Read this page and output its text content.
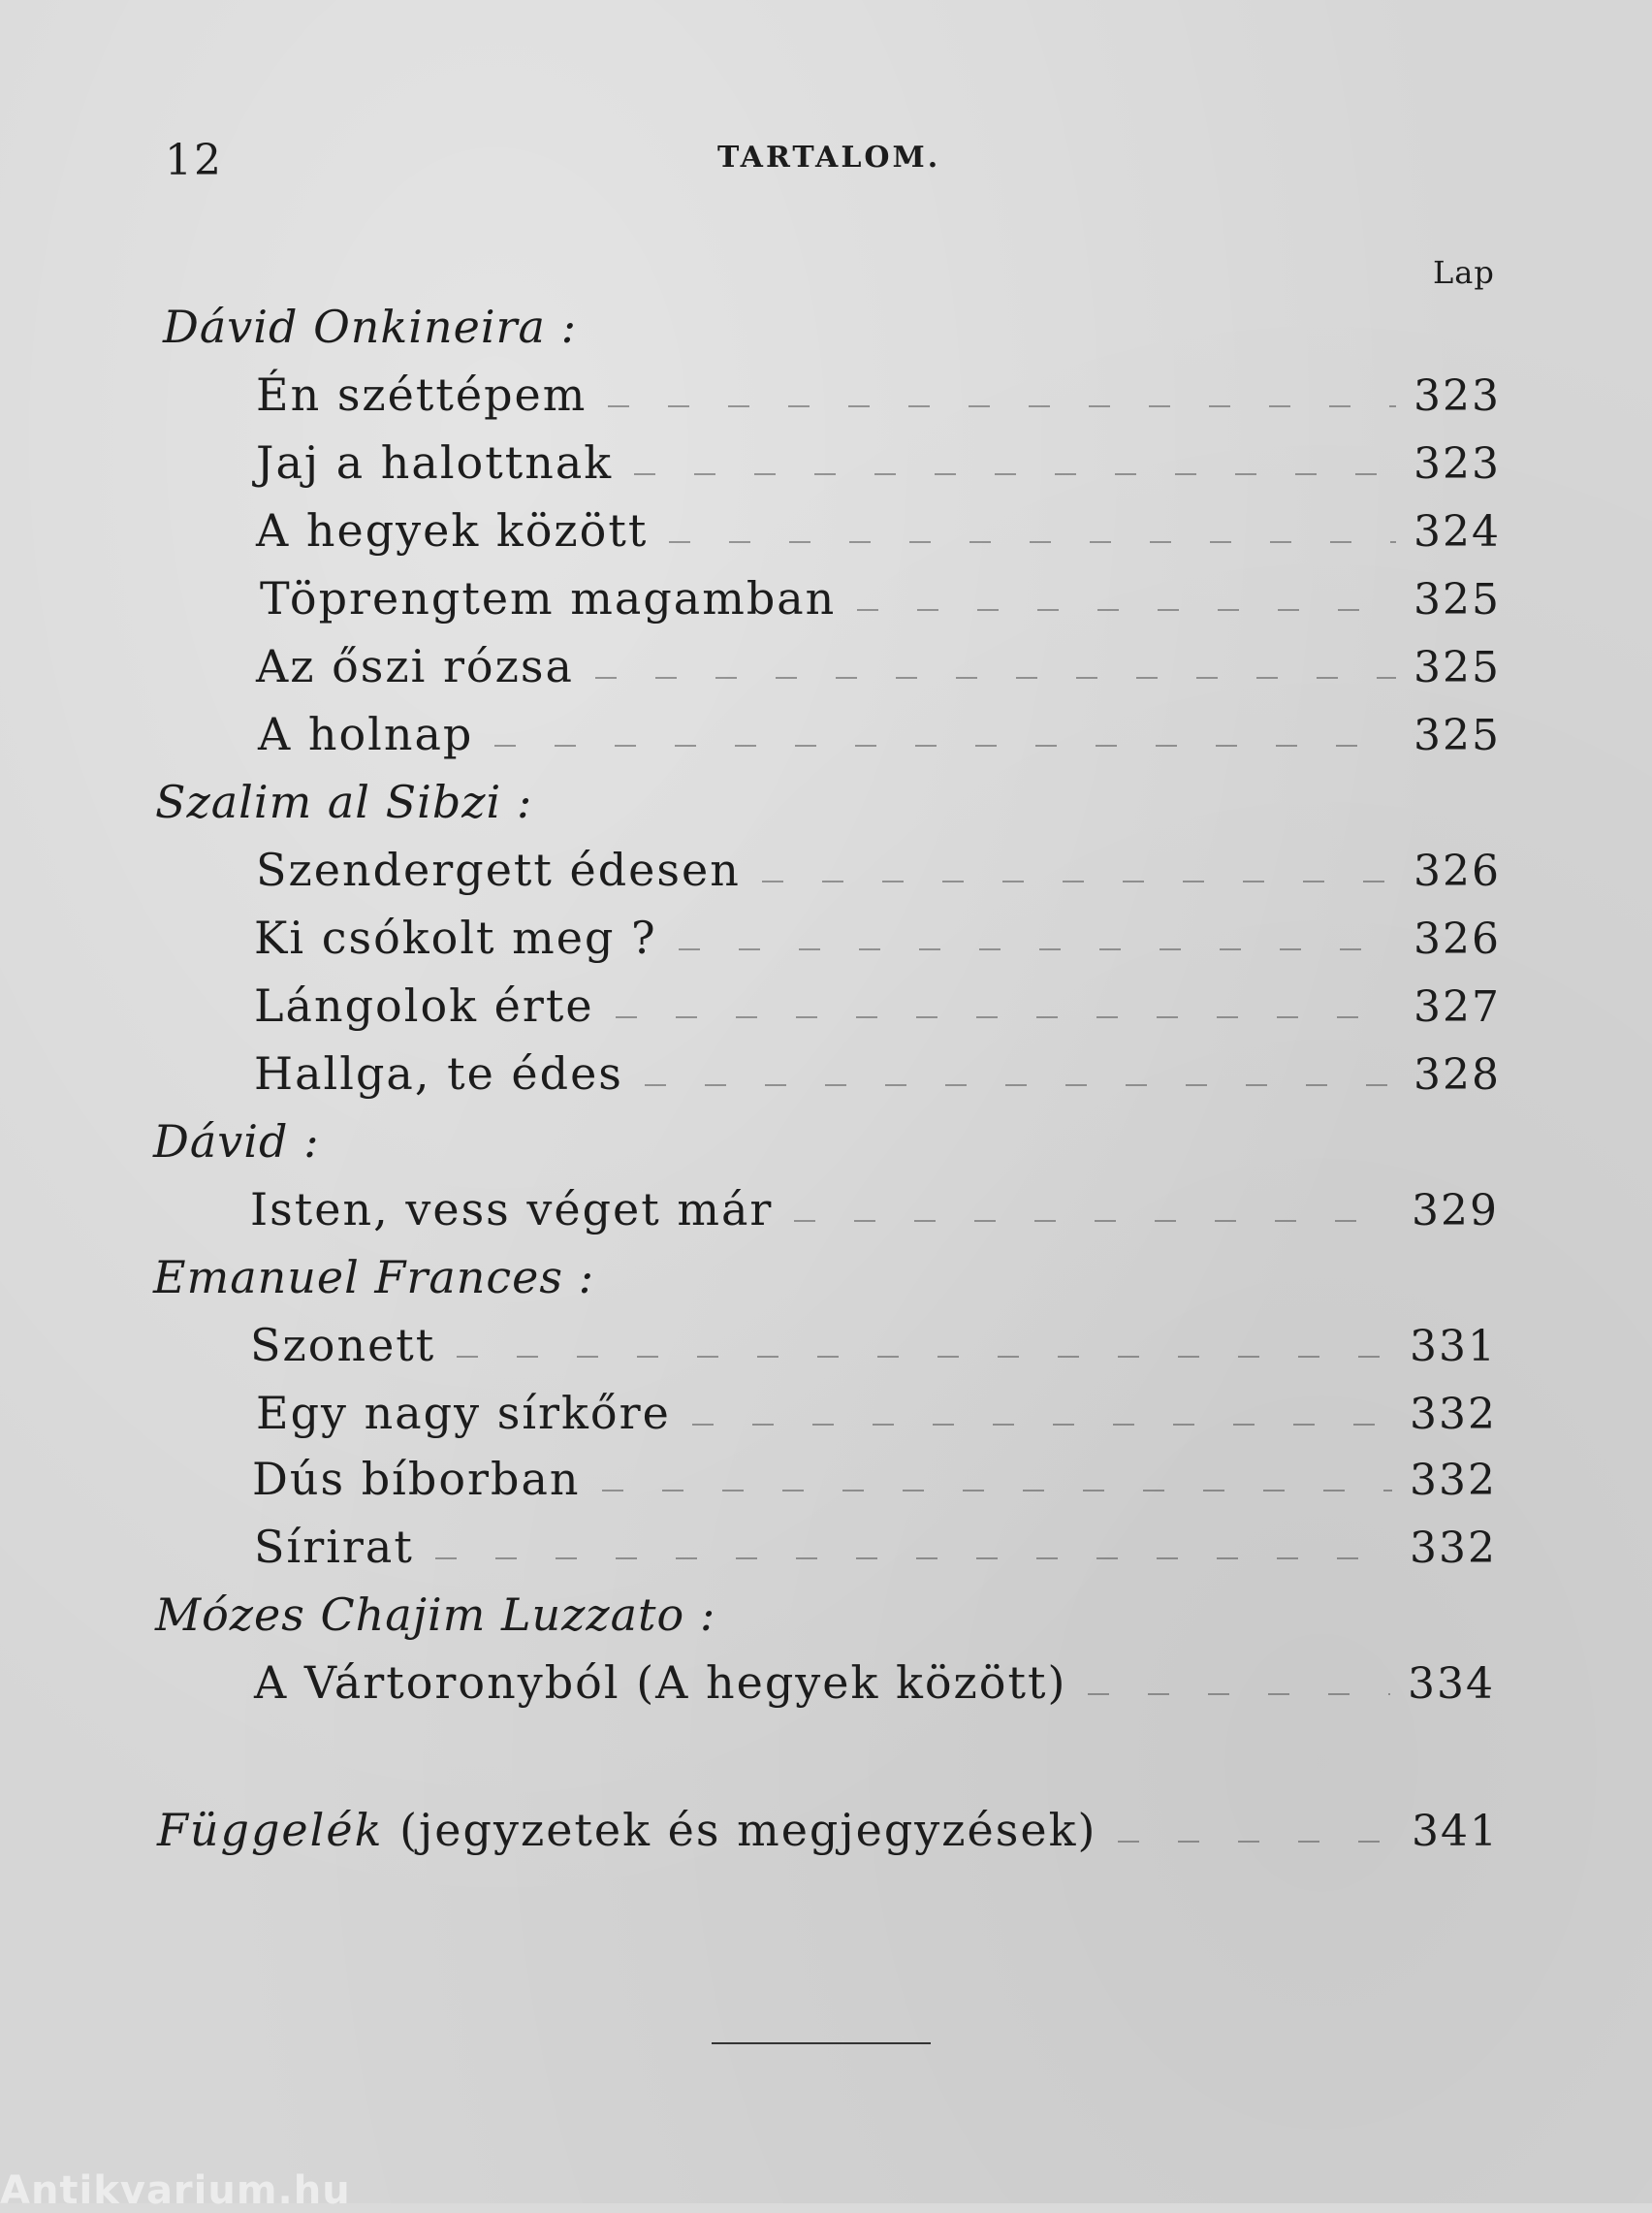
12	TARTALOM.
Lap
Dávid Onkineira :
Én széttépem	323
Jaj a halottnak	323
A hegyek között	324
Töprengtem magamban	325
Az őszi rózsa	325
A holnap	325
Szalim al Sibzi :
Szendergett édesen	326
Ki csókolt meg ?	326
Lángolok érte	327
Hallga, te édes	328
Dávid :
Isten, vess véget már	329
Emanuel Frances :
Szonett	331
Egy nagy sírkőre	332
Dús bíborban	332
Sírirat	332
Mózes Chajim Luzzato :
A Vártoronyból (A hegyek között)	334
Függelék (jegyzetek és megjegyzések)	341
Antikvarium.hu
